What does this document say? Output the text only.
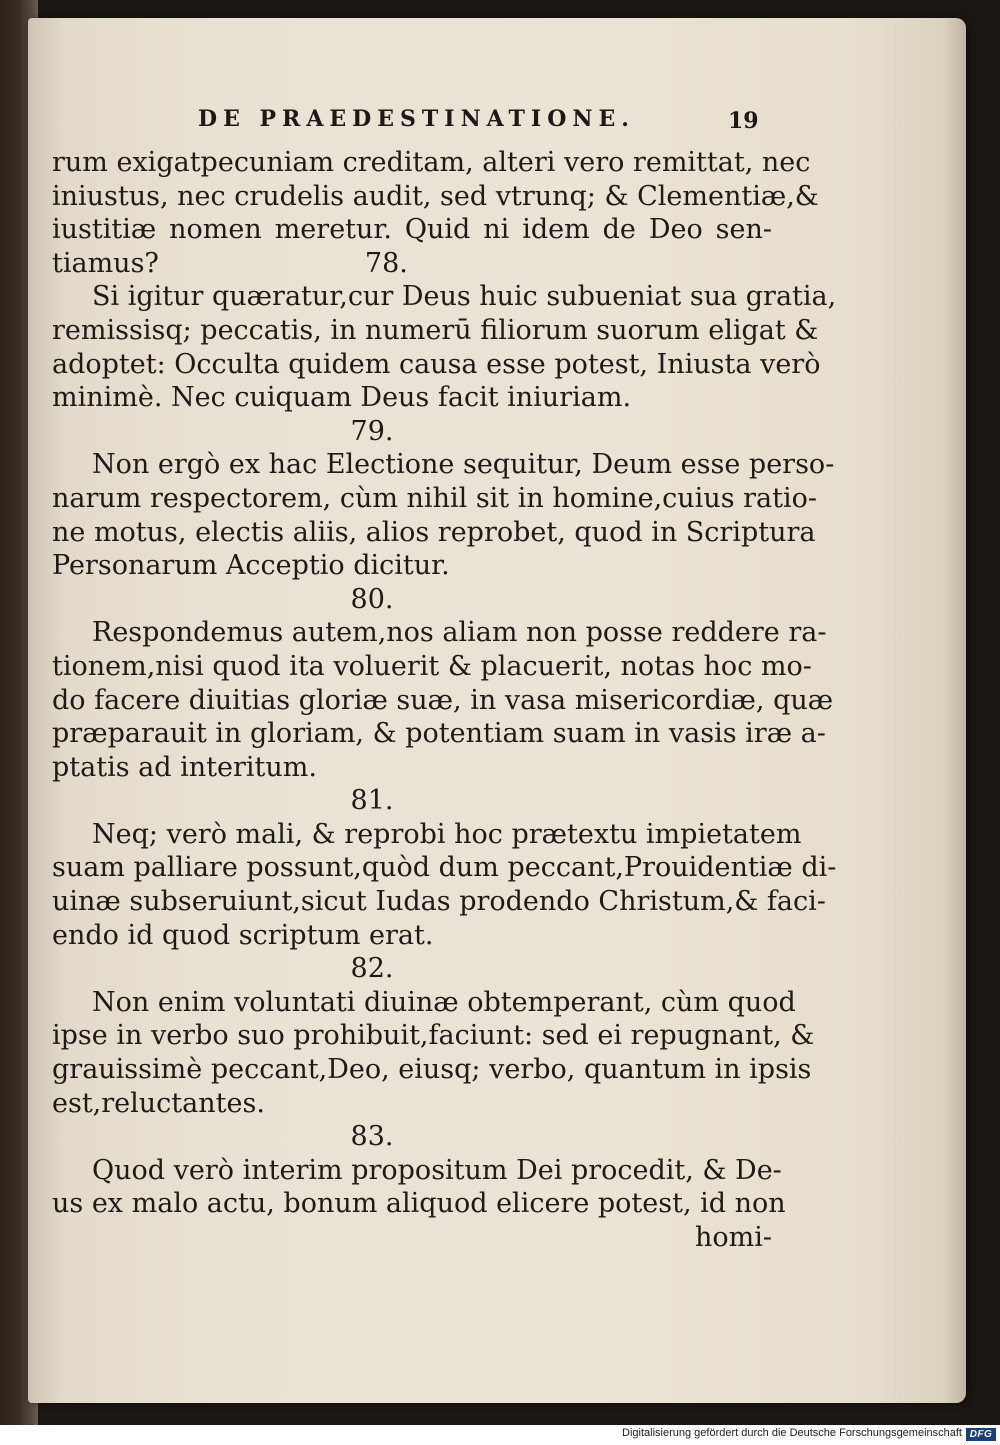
DE PRAEDESTINATIONE.	19
rum exigatpecuniam creditam, alteri vero remittat, nec
iniustus, nec crudelis audit, sed vtrunq; & Clementiæ,&
iustitiæ nomen meretur. Quid ni idem de Deo sen-
tiamus?                        78.
Si igitur quæratur,cur Deus huic subueniat sua gratia,
remissisq; peccatis, in numerū filiorum suorum eligat &
adoptet: Occulta quidem causa esse potest, Iniusta verò
minimè. Nec cuiquam Deus facit iniuriam.
79.
Non ergò ex hac Electione sequitur, Deum esse perso-
narum respectorem, cùm nihil sit in homine,cuius ratio-
ne motus, electis aliis, alios reprobet, quod in Scriptura
Personarum Acceptio dicitur.
80.
Respondemus autem,nos aliam non posse reddere ra-
tionem,nisi quod ita voluerit & placuerit, notas hoc mo-
do facere diuitias gloriæ suæ, in vasa misericordiæ, quæ
præparauit in gloriam, & potentiam suam in vasis iræ a-
ptatis ad interitum.
81.
Neq; verò mali, & reprobi hoc prætextu impietatem
suam palliare possunt,quòd dum peccant,Prouidentiæ di-
uinæ subseruiunt,sicut Iudas prodendo Christum,& faci-
endo id quod scriptum erat.
82.
Non enim voluntati diuinæ obtemperant, cùm quod
ipse in verbo suo prohibuit,faciunt: sed ei repugnant, &
grauissimè peccant,Deo, eiusq; verbo, quantum in ipsis
est,reluctantes.
83.
Quod verò interim propositum Dei procedit, & De-
us ex malo actu, bonum aliquod elicere potest, id non
homi-
Digitalisierung gefördert durch die Deutsche Forschungsgemeinschaft DFG
